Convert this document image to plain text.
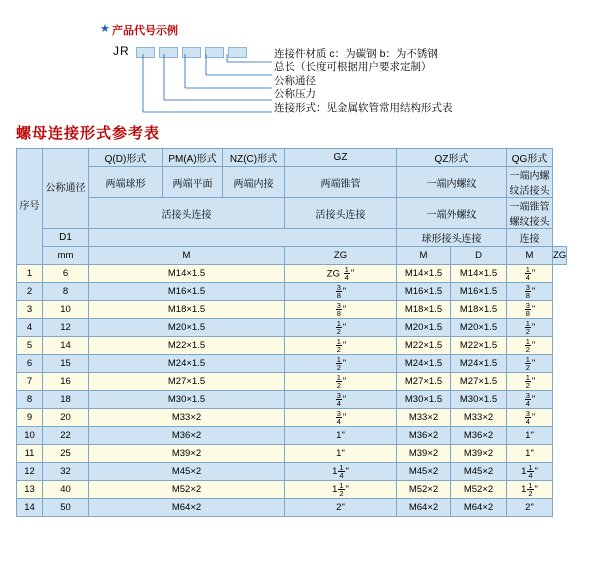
★ 产品代号示例
JR	连接件材质 c：为碳钢 b：为不锈钢
总长（长度可根据用户要求定制）
公称通径
公称压力
连接形式：见金属软管常用结构形式表
螺母连接形式参考表
序号	公称通径	Q(D)形式	PM(A)形式	NZ(C)形式	GZ	QZ形式		QG形式	
		两端球形	两端平面	两端内接	两端锥管	一端内螺纹		一端内螺纹活接头	
		活接头连接			活接头连接	一端外螺纹		一端锥管螺纹接头	
	D1					球形接头连接		连接	
	mm	M			ZG	M	D	M	ZG
1	6	M14×1.5			ZG $\frac{1}{4}$ "	M14×1.5	M14×1.5	$\frac{1}{4}$ "	
2	8	M16×1.5			$\frac{3}{8}$ "	M16×1.5	M16×1.5	$\frac{3}{8}$ "	
3	10	M18×1.5			$\frac{3}{8}$ "	M18×1.5	M18×1.5	$\frac{3}{8}$ "	
4	12	M20×1.5			$\frac{1}{2}$ "	M20×1.5	M20×1.5	$\frac{1}{2}$ "	
5	14	M22×1.5			$\frac{1}{2}$ "	M22×1.5	M22×1.5	$\frac{1}{2}$ "	
6	15	M24×1.5			$\frac{1}{2}$ "	M24×1.5	M24×1.5	$\frac{1}{2}$ "	
7	16	M27×1.5			$\frac{1}{2}$ "	M27×1.5	M27×1.5	$\frac{1}{2}$ "	
8	18	M30×1.5			$\frac{3}{4}$ "	M30×1.5	M30×1.5	$\frac{3}{4}$ "	
9	20	M33×2			$\frac{3}{4}$ "	M33×2	M33×2	$\frac{3}{4}$ "	
10	22	M36×2			1"	M36×2	M36×2	1"	
11	25	M39×2			1"	M39×2	M39×2	1"	
12	32	M45×2			$1 \frac{1}{4}$ "	M45×2	M45×2	$1 \frac{1}{4}$ "	
13	40	M52×2			$1 \frac{1}{2}$ "	M52×2	M52×2	$1 \frac{1}{2}$ "	
14	50	M64×2			2"	M64×2	M64×2	2"	
